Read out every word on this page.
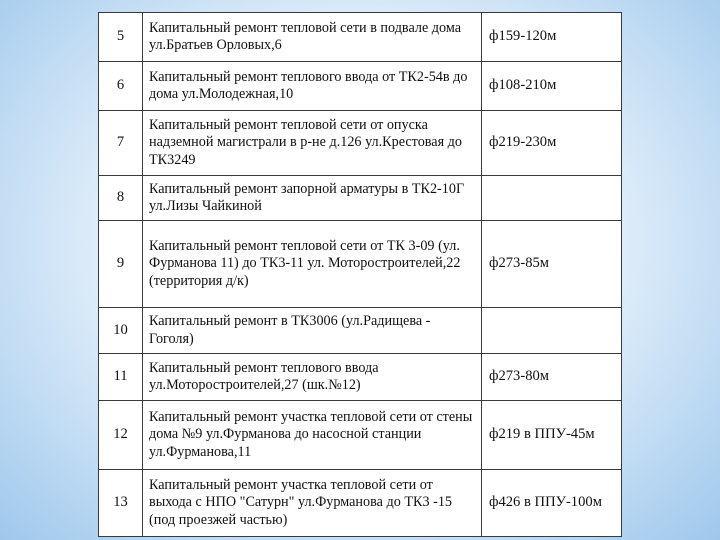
5	Капитальный ремонт тепловой сети в подвале дома ул.Братьев Орловых,6	ф159-120м
6	Капитальный ремонт теплового ввода от ТК2-54в до дома ул.Молодежная,10	ф108-210м
7	Капитальный ремонт тепловой сети от опуска надземной магистрали в р-не д.126 ул.Крестовая до ТК3249	ф219-230м
8	Капитальный ремонт запорной арматуры в ТК2-10Г ул.Лизы Чайкиной	
9	Капитальный ремонт тепловой сети от ТК 3-09 (ул. Фурманова 11) до ТК3-11 ул. Моторостроителей,22 (территория д/к)	ф273-85м
10	Капитальный ремонт в ТК3006 (ул.Радищева - Гоголя)	
11	Капитальный ремонт теплового ввода ул.Моторостроителей,27 (шк.№12)	ф273-80м
12	Капитальный ремонт участка тепловой сети от стены дома №9 ул.Фурманова до насосной станции ул.Фурманова,11	ф219 в ППУ-45м
13	Капитальный ремонт участка тепловой сети от выхода с НПО "Сатурн" ул.Фурманова до ТК3 -15 (под проезжей частью)	ф426 в ППУ-100м
